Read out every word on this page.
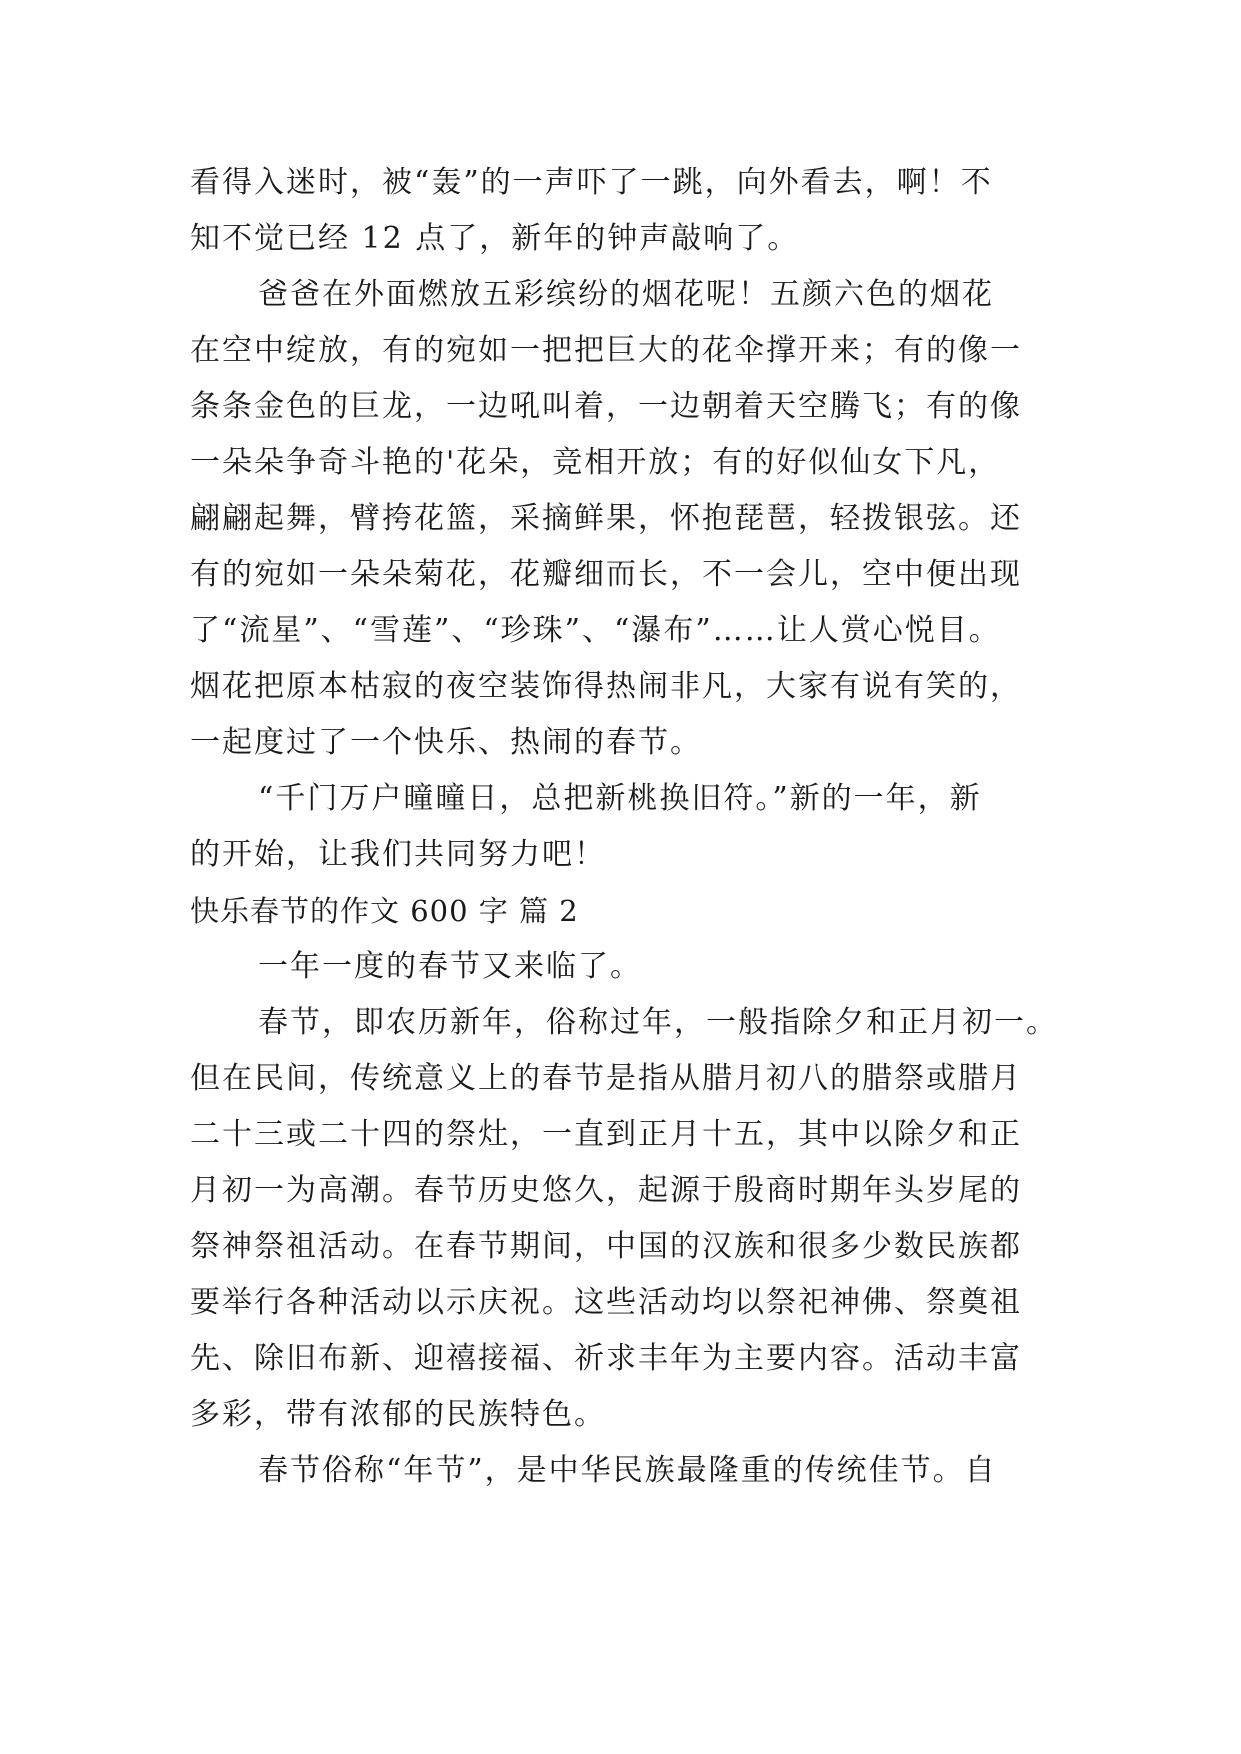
看得入迷时，被“轰”的一声吓了一跳，向外看去，啊！不

知不觉已经 12 点了，新年的钟声敲响了。

爸爸在外面燃放五彩缤纷的烟花呢！五颜六色的烟花

在空中绽放，有的宛如一把把巨大的花伞撑开来；有的像一

条条金色的巨龙，一边吼叫着，一边朝着天空腾飞；有的像

一朵朵争奇斗艳的'花朵，竞相开放；有的好似仙女下凡，

翩翩起舞，臂挎花篮，采摘鲜果，怀抱琵琶，轻拨银弦。还

有的宛如一朵朵菊花，花瓣细而长，不一会儿，空中便出现

了“流星”、“雪莲”、“珍珠”、“瀑布”……让人赏心悦目。

烟花把原本枯寂的夜空装饰得热闹非凡，大家有说有笑的，

一起度过了一个快乐、热闹的春节。

“千门万户曈曈日，总把新桃换旧符。”新的一年，新

的开始，让我们共同努力吧！

快乐春节的作文 600 字 篇 2

一年一度的春节又来临了。

春节，即农历新年，俗称过年，一般指除夕和正月初一。

但在民间，传统意义上的春节是指从腊月初八的腊祭或腊月

二十三或二十四的祭灶，一直到正月十五，其中以除夕和正

月初一为高潮。春节历史悠久，起源于殷商时期年头岁尾的

祭神祭祖活动。在春节期间，中国的汉族和很多少数民族都

要举行各种活动以示庆祝。这些活动均以祭祀神佛、祭奠祖

先、除旧布新、迎禧接福、祈求丰年为主要内容。活动丰富

多彩，带有浓郁的民族特色。

春节俗称“年节”，是中华民族最隆重的传统佳节。自
